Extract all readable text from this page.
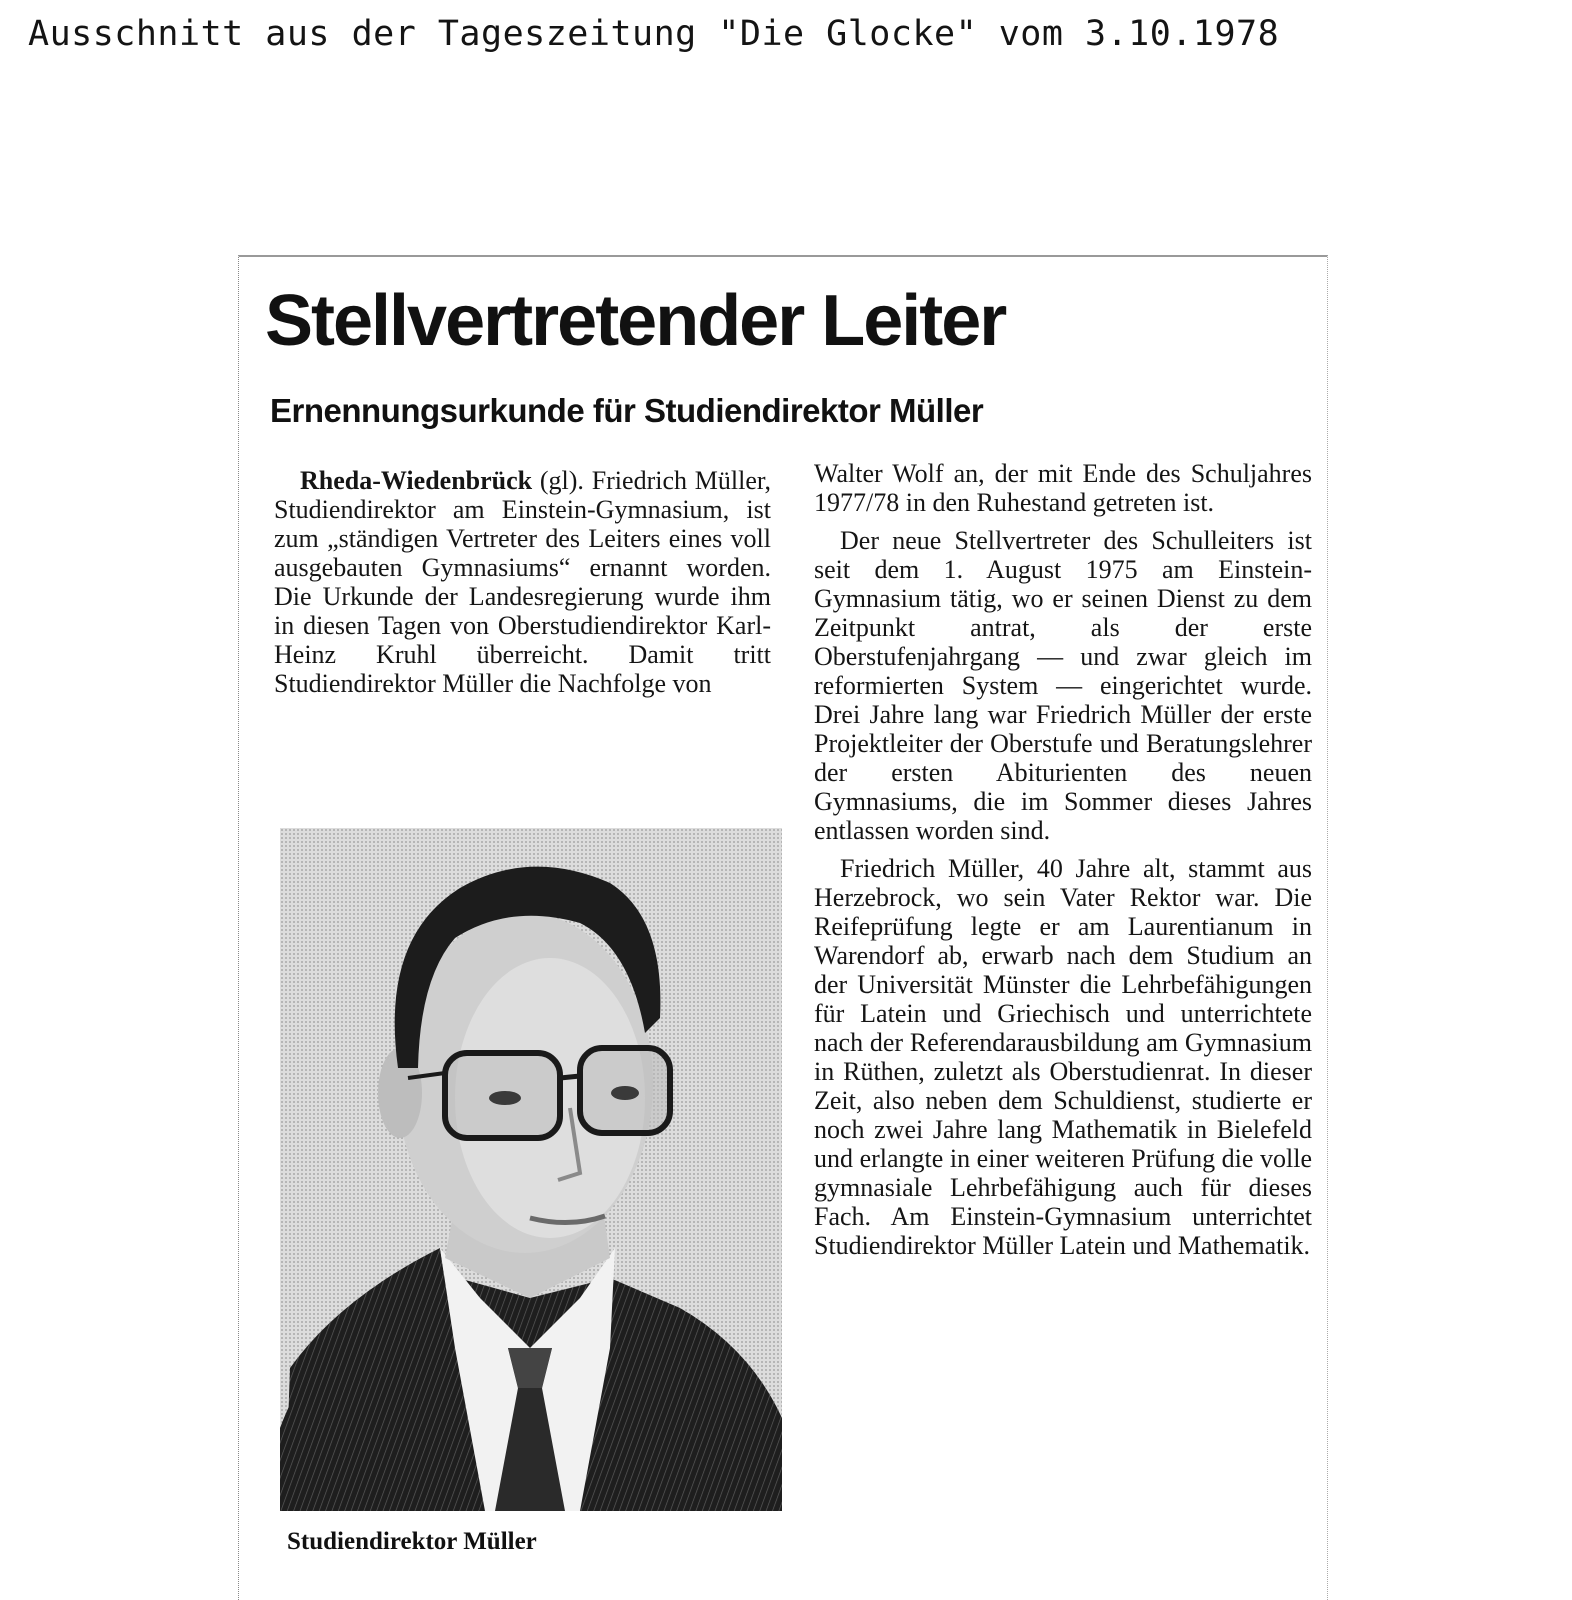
Ausschnitt aus der Tageszeitung "Die Glocke" vom 3.10.1978
Stellvertretender Leiter
Ernennungsurkunde für Studiendirektor Müller

Rheda-Wiedenbrück (gl). Friedrich Müller, Studiendirektor am Einstein-Gymnasium, ist zum „ständigen Vertreter des Leiters eines voll ausgebauten Gymnasiums“ ernannt worden. Die Urkunde der Landesregierung wurde ihm in diesen Tagen von Oberstudiendirektor Karl-Heinz Kruhl überreicht. Damit tritt Studiendirektor Müller die Nachfolge von

Walter Wolf an, der mit Ende des Schuljahres 1977/78 in den Ruhestand getreten ist.

Der neue Stellvertreter des Schulleiters ist seit dem 1. August 1975 am Einstein-Gymnasium tätig, wo er seinen Dienst zu dem Zeitpunkt antrat, als der erste Oberstufenjahrgang — und zwar gleich im reformierten System — eingerichtet wurde. Drei Jahre lang war Friedrich Müller der erste Projektleiter der Oberstufe und Beratungslehrer der ersten Abiturienten des neuen Gymnasiums, die im Sommer dieses Jahres entlassen worden sind.

Friedrich Müller, 40 Jahre alt, stammt aus Herzebrock, wo sein Vater Rektor war. Die Reifeprüfung legte er am Laurentianum in Warendorf ab, erwarb nach dem Studium an der Universität Münster die Lehrbefähigungen für Latein und Griechisch und unterrichtete nach der Referendarausbildung am Gymnasium in Rüthen, zuletzt als Oberstudienrat. In dieser Zeit, also neben dem Schuldienst, studierte er noch zwei Jahre lang Mathematik in Bielefeld und erlangte in einer weiteren Prüfung die volle gymnasiale Lehrbefähigung auch für dieses Fach. Am Einstein-Gymnasium unterrichtet Studiendirektor Müller Latein und Mathematik.

Studiendirektor Müller
